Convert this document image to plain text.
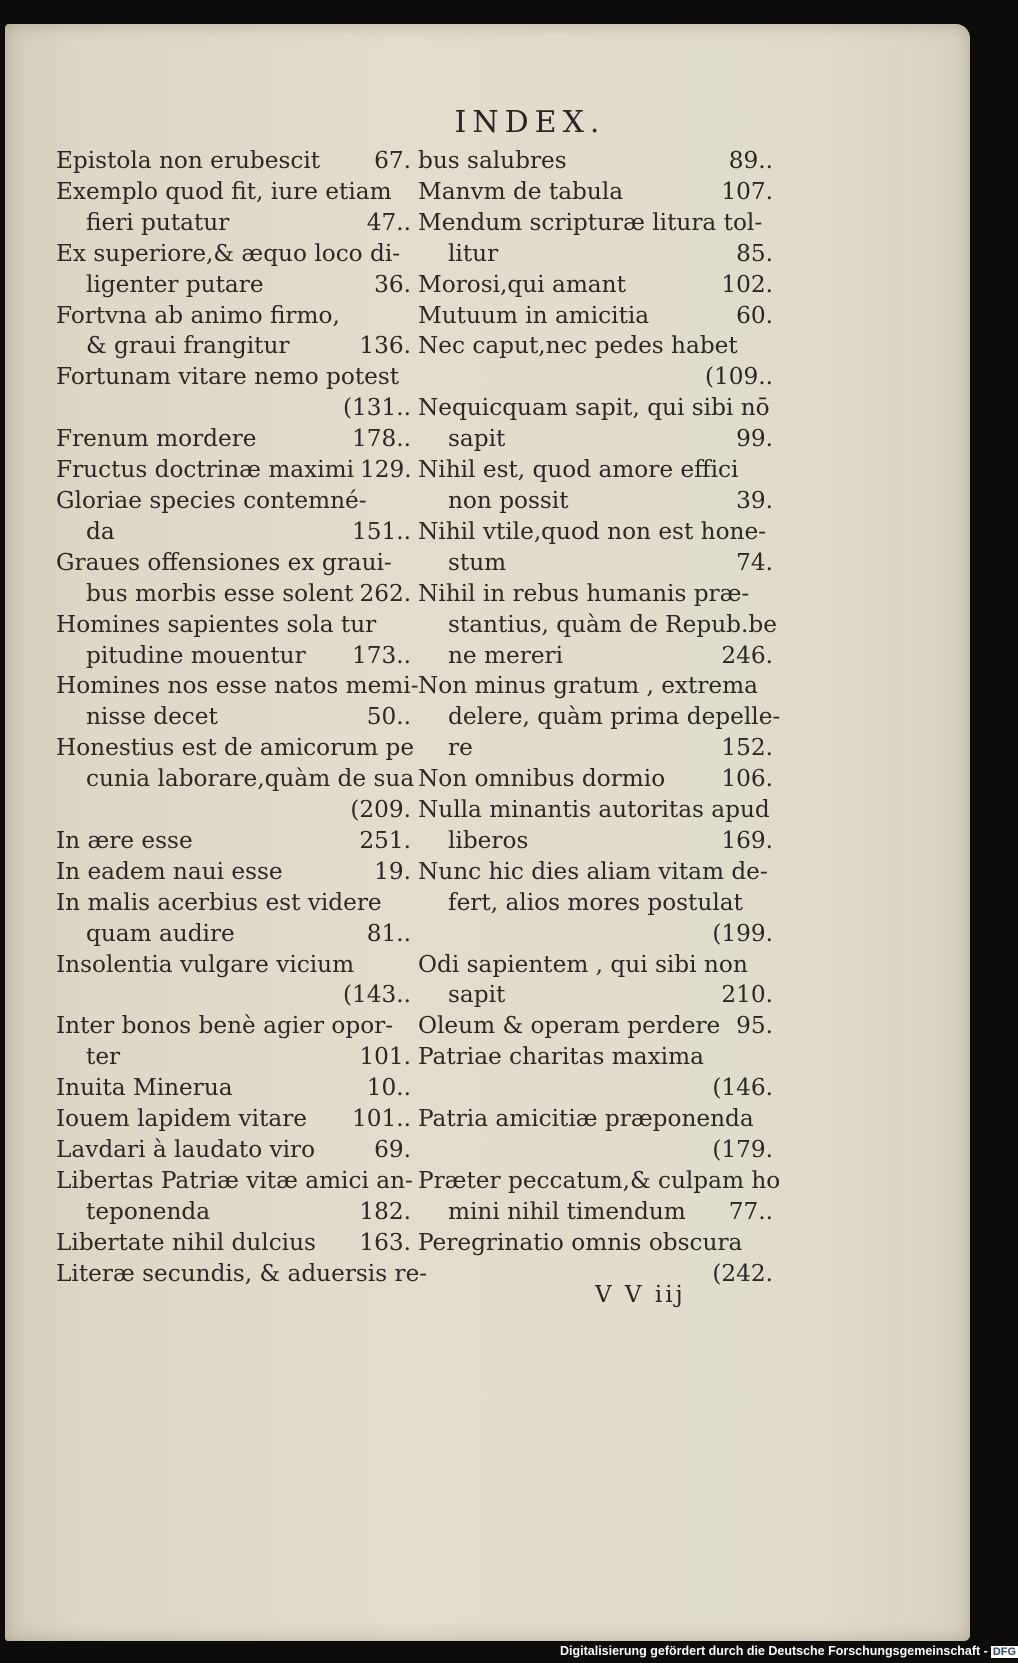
INDEX.
Epistola non erubescit 67.
Exemplo quod fit, iure etiam
fieri putatur	47..
Ex superiore,& æquo loco di-
ligenter putare	36.
Fortvna ab animo firmo,
& graui frangitur	136.
Fortunam vitare nemo potest
(131..
Frenum mordere	178..
Fructus doctrinæ maximi 129.
Gloriae species contemné-
da	151..
Graues offensiones ex graui-
bus morbis esse solent 262.
Homines sapientes sola tur
pitudine mouentur 173..
Homines nos esse natos memi-
nisse decet	50..
Honestius est de amicorum pe
cunia laborare,quàm de sua
(209.
In ære esse	251.
In eadem naui esse	19.
In malis acerbius est videre
quam audire	81..
Insolentia vulgare vicium
(143..
Inter bonos benè agier opor-
ter	101.
Inuita Minerua	10..
Iouem lapidem vitare 101..
Lavdari à laudato viro	69.
Libertas Patriæ vitæ amici an-
teponenda	182.
Libertate nihil dulcius 163.
Literæ secundis, & aduersis re-
bus salubres	89..
Manvm de tabula	107.
Mendum scripturæ litura tol-
litur	85.
Morosi,qui amant	102.
Mutuum in amicitia	60.
Nec caput,nec pedes habet
(109..
Nequicquam sapit, qui sibi nō
sapit	99.
Nihil est, quod amore effici
non possit	39.
Nihil vtile,quod non est hone-
stum	74.
Nihil in rebus humanis præ-
stantius, quàm de Repub.be
ne mereri	246.
Non minus gratum , extrema
delere, quàm prima depelle-
re	152.
Non omnibus dormio 106.
Nulla minantis autoritas apud
liberos	169.
Nunc hic dies aliam vitam de-
fert, alios mores postulat
(199.
Odi sapientem , qui sibi non
sapit	210.
Oleum & operam perdere 95.
Patriae charitas maxima
(146.
Patria amicitiæ præponenda
(179.
Præter peccatum,& culpam ho
mini nihil timendum 77..
Peregrinatio omnis obscura
(242.
V V iij
Digitalisierung gefördert durch die Deutsche Forschungsgemeinschaft - DFG
